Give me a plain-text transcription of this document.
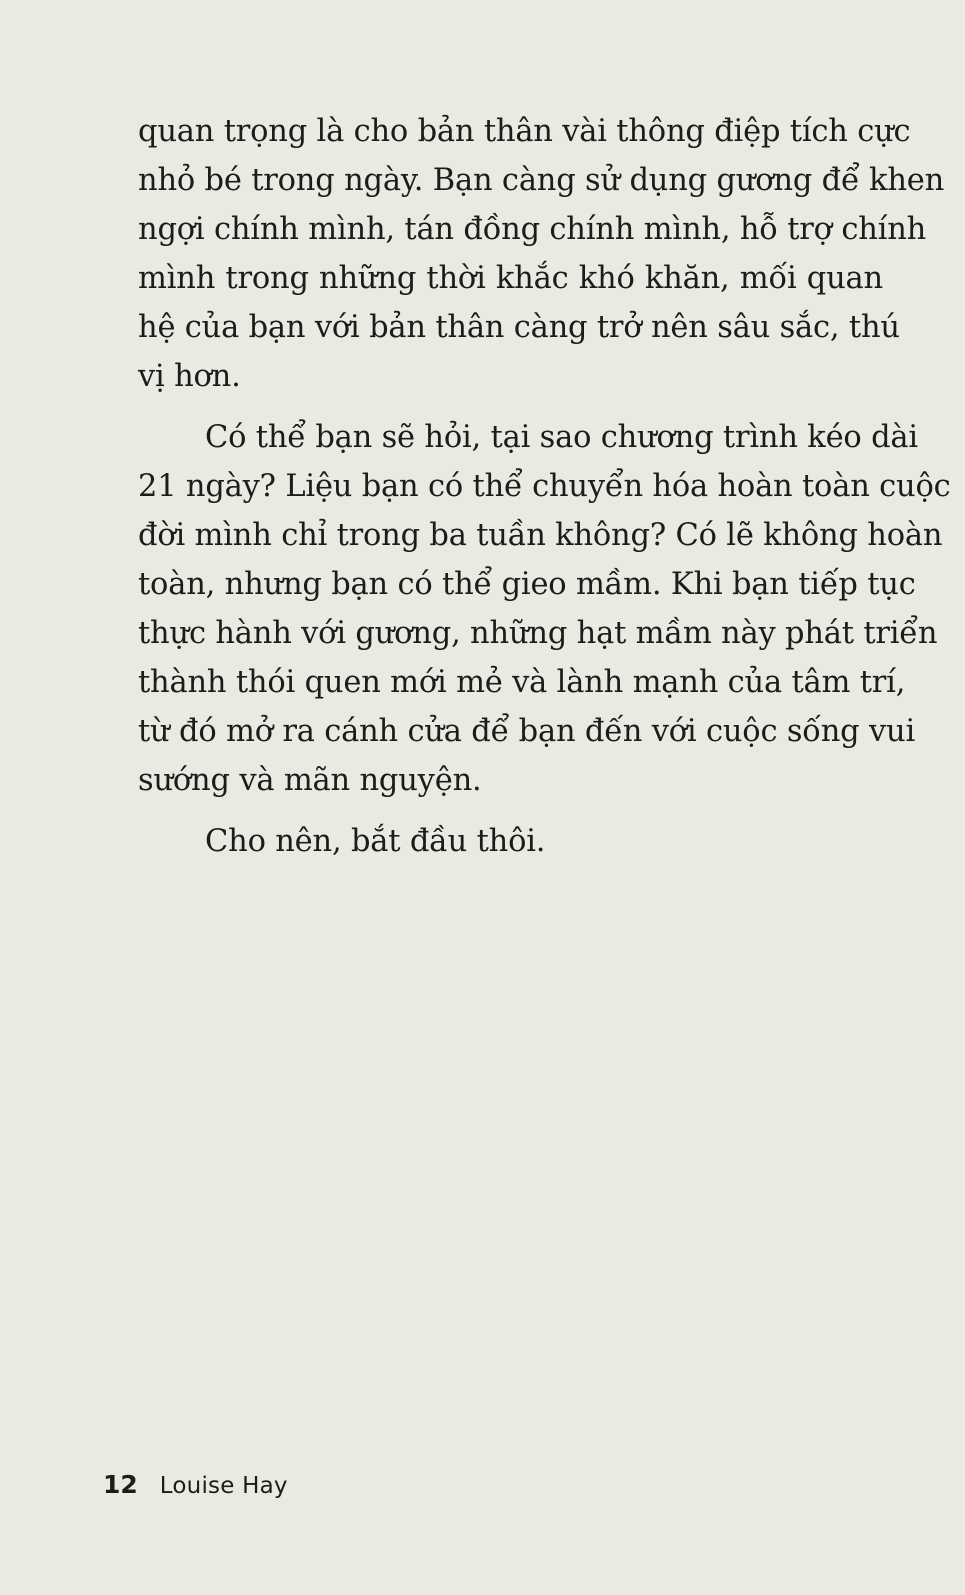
quan trọng là cho bản thân vài thông điệp tích cực
nhỏ bé trong ngày. Bạn càng sử dụng gương để khen
ngợi chính mình, tán đồng chính mình, hỗ trợ chính
mình trong những thời khắc khó khăn, mối quan
hệ của bạn với bản thân càng trở nên sâu sắc, thú
vị hơn.
Có thể bạn sẽ hỏi, tại sao chương trình kéo dài
21 ngày? Liệu bạn có thể chuyển hóa hoàn toàn cuộc
đời mình chỉ trong ba tuần không? Có lẽ không hoàn
toàn, nhưng bạn có thể gieo mầm. Khi bạn tiếp tục
thực hành với gương, những hạt mầm này phát triển
thành thói quen mới mẻ và lành mạnh của tâm trí,
từ đó mở ra cánh cửa để bạn đến với cuộc sống vui
sướng và mãn nguyện.
Cho nên, bắt đầu thôi.
12 Louise Hay
